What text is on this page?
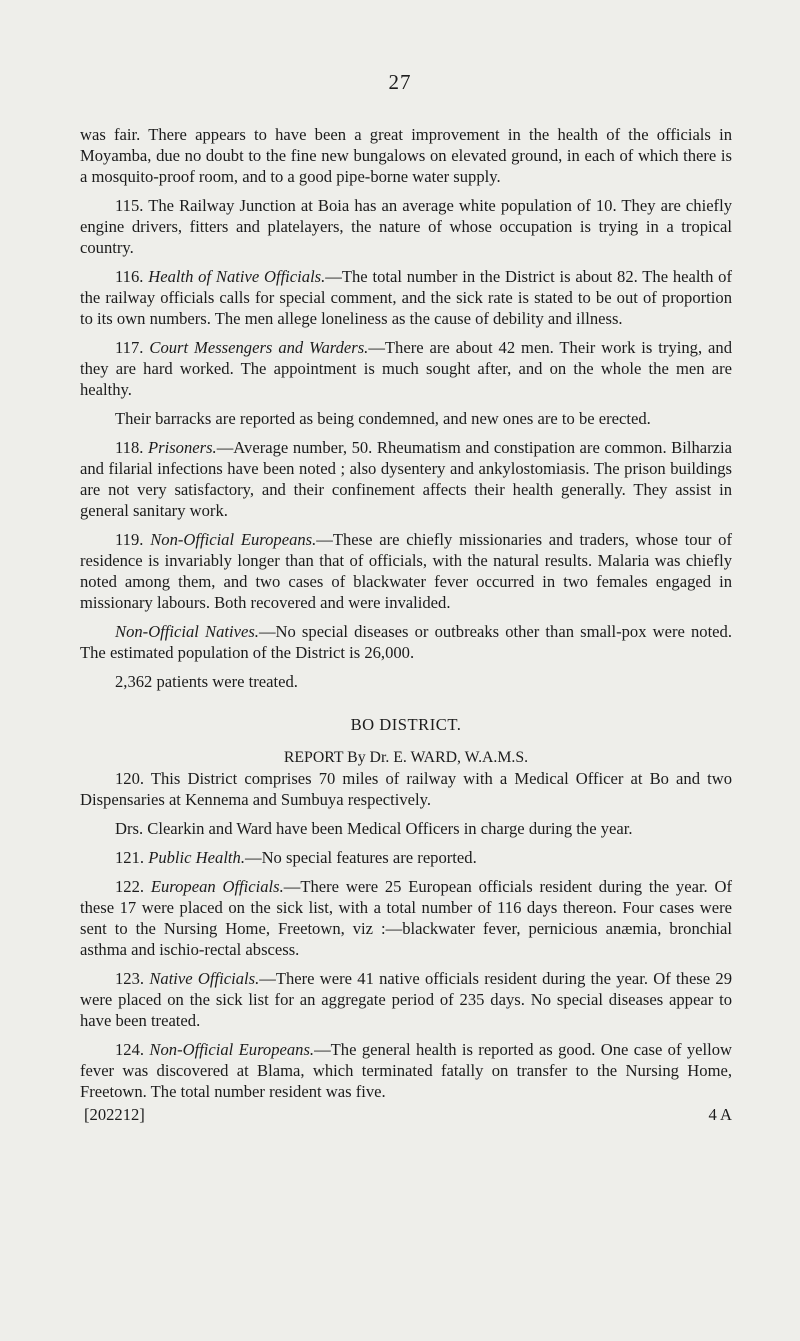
27

was fair. There appears to have been a great improvement in the health of the officials in Moyamba, due no doubt to the fine new bungalows on elevated ground, in each of which there is a mosquito-proof room, and to a good pipe-borne water supply.

115. The Railway Junction at Boia has an average white population of 10. They are chiefly engine drivers, fitters and platelayers, the nature of whose occupation is trying in a tropical country.

116. Health of Native Officials.—The total number in the District is about 82. The health of the railway officials calls for special comment, and the sick rate is stated to be out of proportion to its own numbers. The men allege loneliness as the cause of debility and illness.

117. Court Messengers and Warders.—There are about 42 men. Their work is trying, and they are hard worked. The appointment is much sought after, and on the whole the men are healthy.

Their barracks are reported as being condemned, and new ones are to be erected.

118. Prisoners.—Average number, 50. Rheumatism and constipation are common. Bilharzia and filarial infections have been noted ; also dysentery and ankylostomiasis. The prison buildings are not very satisfactory, and their confinement affects their health generally. They assist in general sanitary work.

119. Non-Official Europeans.—These are chiefly missionaries and traders, whose tour of residence is invariably longer than that of officials, with the natural results. Malaria was chiefly noted among them, and two cases of blackwater fever occurred in two females engaged in missionary labours. Both recovered and were invalided.

Non-Official Natives.—No special diseases or outbreaks other than small-pox were noted. The estimated population of the District is 26,000.

2,362 patients were treated.

BO DISTRICT.

REPORT By Dr. E. WARD, W.A.M.S.

120. This District comprises 70 miles of railway with a Medical Officer at Bo and two Dispensaries at Kennema and Sumbuya respectively.

Drs. Clearkin and Ward have been Medical Officers in charge during the year.

121. Public Health.—No special features are reported.

122. European Officials.—There were 25 European officials resident during the year. Of these 17 were placed on the sick list, with a total number of 116 days thereon. Four cases were sent to the Nursing Home, Freetown, viz :—blackwater fever, pernicious anæmia, bronchial asthma and ischio-rectal abscess.

123. Native Officials.—There were 41 native officials resident during the year. Of these 29 were placed on the sick list for an aggregate period of 235 days. No special diseases appear to have been treated.

124. Non-Official Europeans.—The general health is reported as good. One case of yellow fever was discovered at Blama, which terminated fatally on transfer to the Nursing Home, Freetown. The total number resident was five.

[202212]	4 A
